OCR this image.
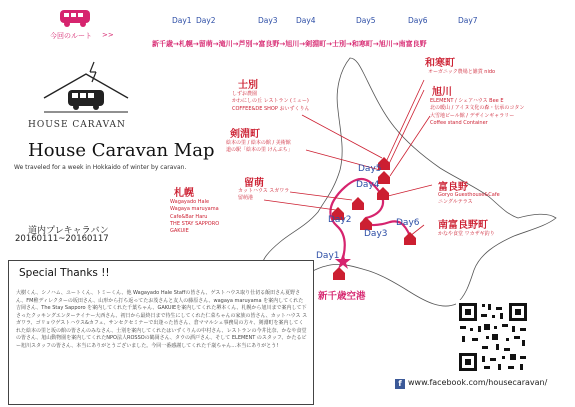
今回のルート >>
Day1 Day2	Day3 Day4	Day5	Day6	Day7
新千歳→札幌→留萌→滝川→芦別→富良野→旭川→剣淵町→士別→和寒町→旭川→南富良野
HOUSE CARAVAN
House Caravan Map
We traveled for a week in Hokkaido of winter by caravan.
道内プレキャラバン
20160111~20160117
士別
しずお農園
かわにしの丘 レストラン (ミュー)
COFFEE&DE SHOP おいずくりん
剣淵町
絵本の里 / 絵本の館 / 美術館
道の駅「絵本の里 けんぶち」
留萌
カットハウス スガワラ
留萌港
札幌
Wagayado Hale
Wagaya maruyama
Cafe&Bar Haru
THE STAY SAPPORO
GAKUIE
和寒町
オーガニック農場と雑貨 nido
旭川
ELEMENT / シェアハウス Bee E
北の暖山 / アイヌ文化の森・伝承のコタン
大雪地ビール館 / デザインギャラリー
Coffee stand Container
富良野
Goryo Guesthouse&Cafe
ニングルテラス
南富良野町
かなや食堂 ワカザギ釣り
Day5
Day4
Day2
Day3
Day6
Day1
新千歳空港
Special Thanks !!
大樹くん、シノハム、ユートくん、トミーくん、他 Wagayado Hale Staffの皆さん、ゲストハウス取り仕切る飯田さん夏野さん、FM稚ディレクターの坂田さん、山形から打ち返ってたお茂さんと友人の藤原さん、wagaya maruyama を案内してくれた吉岡さん、The Stay Sapporo を案内してくれた千葉ちゃん、GAKUIEを案内してくれた堺本くん、札幌から旭川まで案内して下さったクッキングエンターテイナー大西さん、初日から最終日まで待生にしてくれた仁菜ちゃんの家族の皆さん、カットハウス スガワラ、ゴリョウゲストハウス&カフェ、サンセクセミナーで出逢った皆さん、倉ママルシェ事務局の方々、剣淵町を案内してくれた絵本の里と坂の館の皆さんのみなさん、士別を案内してくれたはいずくりんの中村さん、レストランの今井比奈、かなや食堂の皆さん、旭山動物園を案内してくれたNPO法人ROSSOの鶴岡さん、タウの酒戸さん、そして ELEMENT のスタッフ、かたるビー旭川スタッフの皆さん、本当にありがとうございました。今回一番感謝してくれた千歳ちゃん…本当にありがとう!
f www.facebook.com/housecaravan/
